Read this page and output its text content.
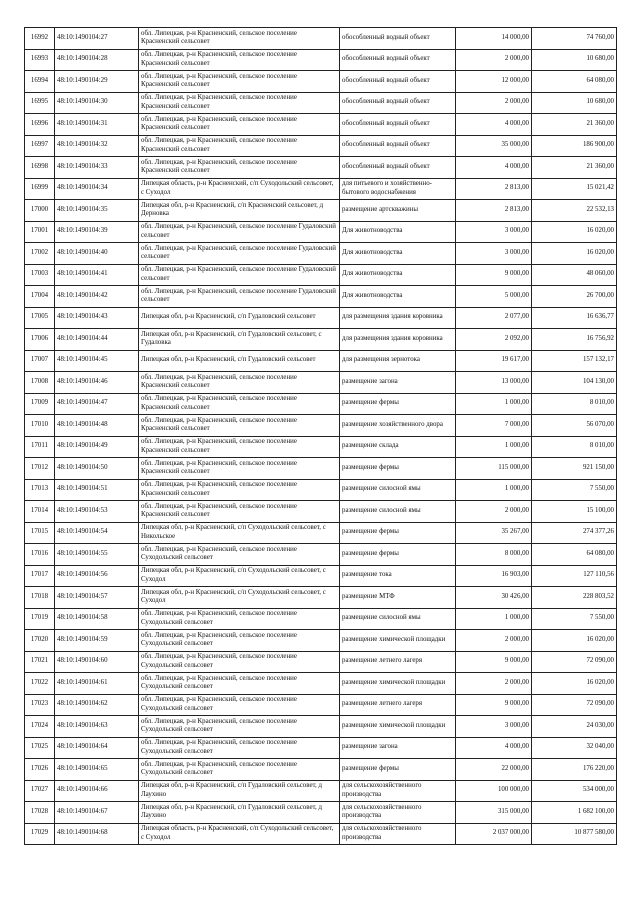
16992	48:10:1490104:27	обл. Липецкая, р-н Красненский, сельское поселение Красненский сельсовет	обособленный водный объект	14 000,00	74 760,00
16993	48:10:1490104:28	обл. Липецкая, р-н Красненский, сельское поселение Красненский сельсовет	обособленный водный объект	2 000,00	10 680,00
16994	48:10:1490104:29	обл. Липецкая, р-н Красненский, сельское поселение Красненский сельсовет	обособленный водный объект	12 000,00	64 080,00
16995	48:10:1490104:30	обл. Липецкая, р-н Красненский, сельское поселение Красненский сельсовет	обособленный водный объект	2 000,00	10 680,00
16996	48:10:1490104:31	обл. Липецкая, р-н Красненский, сельское поселение Красненский сельсовет	обособленный водный объект	4 000,00	21 360,00
16997	48:10:1490104:32	обл. Липецкая, р-н Красненский, сельское поселение Красненский сельсовет	обособленный водный объект	35 000,00	186 900,00
16998	48:10:1490104:33	обл. Липецкая, р-н Красненский, сельское поселение Красненский сельсовет	обособленный водный объект	4 000,00	21 360,00
16999	48:10:1490104:34	Липецкая область, р-н Красненский, с/п Суходольский сельсовет, с Суходол	для питьевого и хозяйственно-бытового водоснабжения	2 813,00	15 021,42
17000	48:10:1490104:35	Липецкая обл, р-н Красненский, с/п Красненский сельсовет, д Дерновка	размещение артскважины	2 813,00	22 532,13
17001	48:10:1490104:39	обл. Липецкая, р-н Красненский, сельское поселение Гудаловский сельсовет	Для животноводства	3 000,00	16 020,00
17002	48:10:1490104:40	обл. Липецкая, р-н Красненский, сельское поселение Гудаловский сельсовет	Для животноводства	3 000,00	16 020,00
17003	48:10:1490104:41	обл. Липецкая, р-н Красненский, сельское поселение Гудаловский сельсовет	Для животноводства	9 000,00	48 060,00
17004	48:10:1490104:42	обл. Липецкая, р-н Красненский, сельское поселение Гудаловский сельсовет	Для животноводства	5 000,00	26 700,00
17005	48:10:1490104:43	Липецкая обл, р-н Красненский, с/п Гудаловский сельсовет	для размещения здания коровника	2 077,00	16 636,77
17006	48:10:1490104:44	Липецкая обл, р-н Красненский, с/п Гудаловский сельсовет, с Гудаловка	для размещения здания коровника	2 092,00	16 756,92
17007	48:10:1490104:45	Липецкая обл, р-н Красненский, с/п Гудаловский сельсовет	для размещения зернотока	19 617,00	157 132,17
17008	48:10:1490104:46	обл. Липецкая, р-н Красненский, сельское поселение Красненский сельсовет	размещение загона	13 000,00	104 130,00
17009	48:10:1490104:47	обл. Липецкая, р-н Красненский, сельское поселение Красненский сельсовет	размещение фермы	1 000,00	8 010,00
17010	48:10:1490104:48	обл. Липецкая, р-н Красненский, сельское поселение Красненский сельсовет	размещение хозяйственного двора	7 000,00	56 070,00
17011	48:10:1490104:49	обл. Липецкая, р-н Красненский, сельское поселение Красненский сельсовет	размещение склада	1 000,00	8 010,00
17012	48:10:1490104:50	обл. Липецкая, р-н Красненский, сельское поселение Красненский сельсовет	размещение фермы	115 000,00	921 150,00
17013	48:10:1490104:51	обл. Липецкая, р-н Красненский, сельское поселение Красненский сельсовет	размещение силосной ямы	1 000,00	7 550,00
17014	48:10:1490104:53	обл. Липецкая, р-н Красненский, сельское поселение Красненский сельсовет	размещение силосной ямы	2 000,00	15 100,00
17015	48:10:1490104:54	Липецкая обл, р-н Красненский, с/п Суходольский сельсовет, с Никольское	размещение фермы	35 267,00	274 377,26
17016	48:10:1490104:55	обл. Липецкая, р-н Красненский, сельское поселение Суходольский сельсовет	размещение фермы	8 000,00	64 080,00
17017	48:10:1490104:56	Липецкая обл, р-н Красненский, с/п Суходольский сельсовет, с Суходол	размещение тока	16 903,00	127 110,56
17018	48:10:1490104:57	Липецкая обл, р-н Красненский, с/п Суходольский сельсовет, с Суходол	размещение МТФ	30 426,00	228 803,52
17019	48:10:1490104:58	обл. Липецкая, р-н Красненский, сельское поселение Суходольский сельсовет	размещение силосной ямы	1 000,00	7 550,00
17020	48:10:1490104:59	обл. Липецкая, р-н Красненский, сельское поселение Суходольский сельсовет	размещение химической площадки	2 000,00	16 020,00
17021	48:10:1490104:60	обл. Липецкая, р-н Красненский, сельское поселение Суходольский сельсовет	размещение летнего лагеря	9 000,00	72 090,00
17022	48:10:1490104:61	обл. Липецкая, р-н Красненский, сельское поселение Суходольский сельсовет	размещение химической площадки	2 000,00	16 020,00
17023	48:10:1490104:62	обл. Липецкая, р-н Красненский, сельское поселение Суходольский сельсовет	размещение летнего лагеря	9 000,00	72 090,00
17024	48:10:1490104:63	обл. Липецкая, р-н Красненский, сельское поселение Суходольский сельсовет	размещение химической площадки	3 000,00	24 030,00
17025	48:10:1490104:64	обл. Липецкая, р-н Красненский, сельское поселение Суходольский сельсовет	размещение загона	4 000,00	32 040,00
17026	48:10:1490104:65	обл. Липецкая, р-н Красненский, сельское поселение Суходольский сельсовет	размещение фермы	22 000,00	176 220,00
17027	48:10:1490104:66	Липецкая обл, р-н Красненский, с/п Гудаловский сельсовет, д Лаухино	для сельскохозяйственного производства	100 000,00	534 000,00
17028	48:10:1490104:67	Липецкая обл, р-н Красненский, с/п Гудаловский сельсовет, д Лаухино	для сельскохозяйственного производства	315 000,00	1 682 100,00
17029	48:10:1490104:68	Липецкая область, р-н Красненский, с/п Суходольский сельсовет, с Суходол	для сельскохозяйственного производства	2 037 000,00	10 877 580,00
